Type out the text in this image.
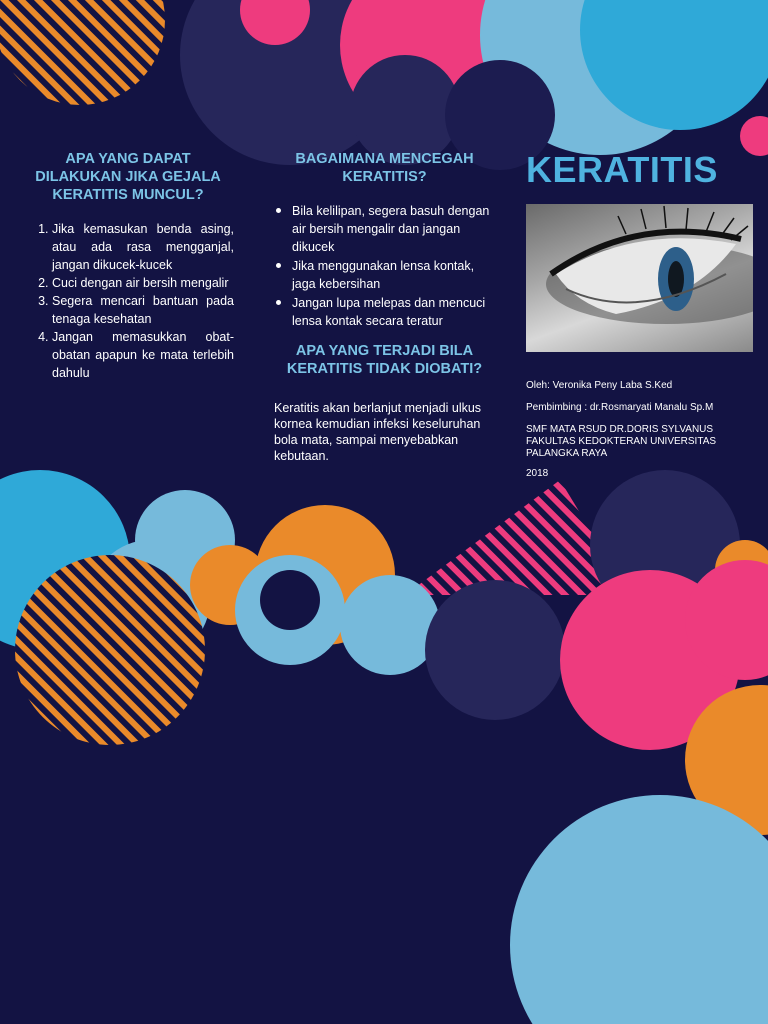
APA YANG DAPAT DILAKUKAN JIKA GEJALA KERATITIS MUNCUL?
1. Jika kemasukan benda asing, atau ada rasa mengganjal, jangan dikucek-kucek
2. Cuci dengan air bersih mengalir
3. Segera mencari bantuan pada tenaga kesehatan
4. Jangan memasukkan obat-obatan apapun ke mata terlebih dahulu
BAGAIMANA MENCEGAH KERATITIS?
Bila kelilipan, segera basuh dengan air bersih mengalir dan jangan dikucek
Jika menggunakan lensa kontak, jaga kebersihan
Jangan lupa melepas dan mencuci lensa kontak secara teratur
APA YANG TERJADI BILA KERATITIS TIDAK DIOBATI?

Keratitis akan berlanjut menjadi ulkus kornea kemudian infeksi keseluruhan bola mata, sampai menyebabkan kebutaan.

KERATITIS

Oleh: Veronika Peny Laba S.Ked

Pembimbing : dr.Rosmaryati Manalu Sp.M

SMF MATA RSUD DR.DORIS SYLVANUS FAKULTAS KEDOKTERAN UNIVERSITAS PALANGKA RAYA

2018
